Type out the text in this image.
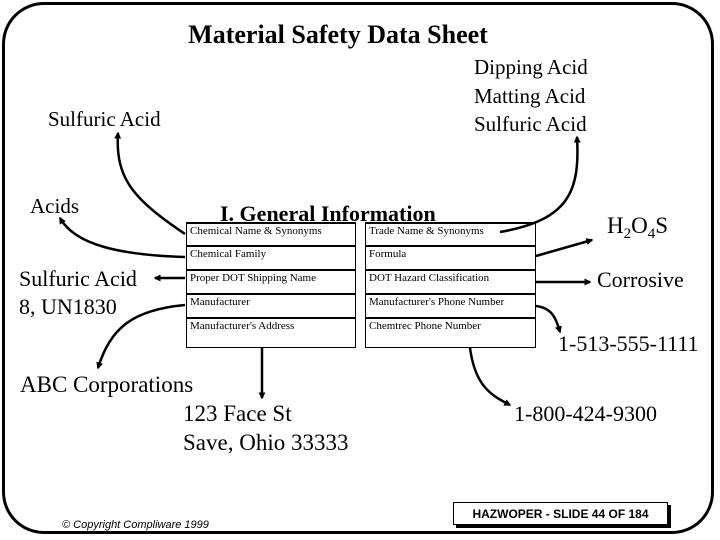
Material Safety Data Sheet
Dipping Acid
Matting Acid
Sulfuric Acid
Sulfuric Acid
Acids
Sulfuric Acid
8, UN1830
$H_2O_4S$
Corrosive
1-513-555-1111
1-800-424-9300
ABC Corporations
123 Face St
Save, Ohio 33333
I. General Information
Chemical Name & Synonyms	Trade Name & Synonyms
Chemical Family	Formula
Proper DOT Shipping Name	DOT Hazard Classification
Manufacturer	Manufacturer's Phone Number
Manufacturer's Address	Chemtrec Phone Number
© Copyright Compliware 1999
HAZWOPER - SLIDE 44 OF 184
